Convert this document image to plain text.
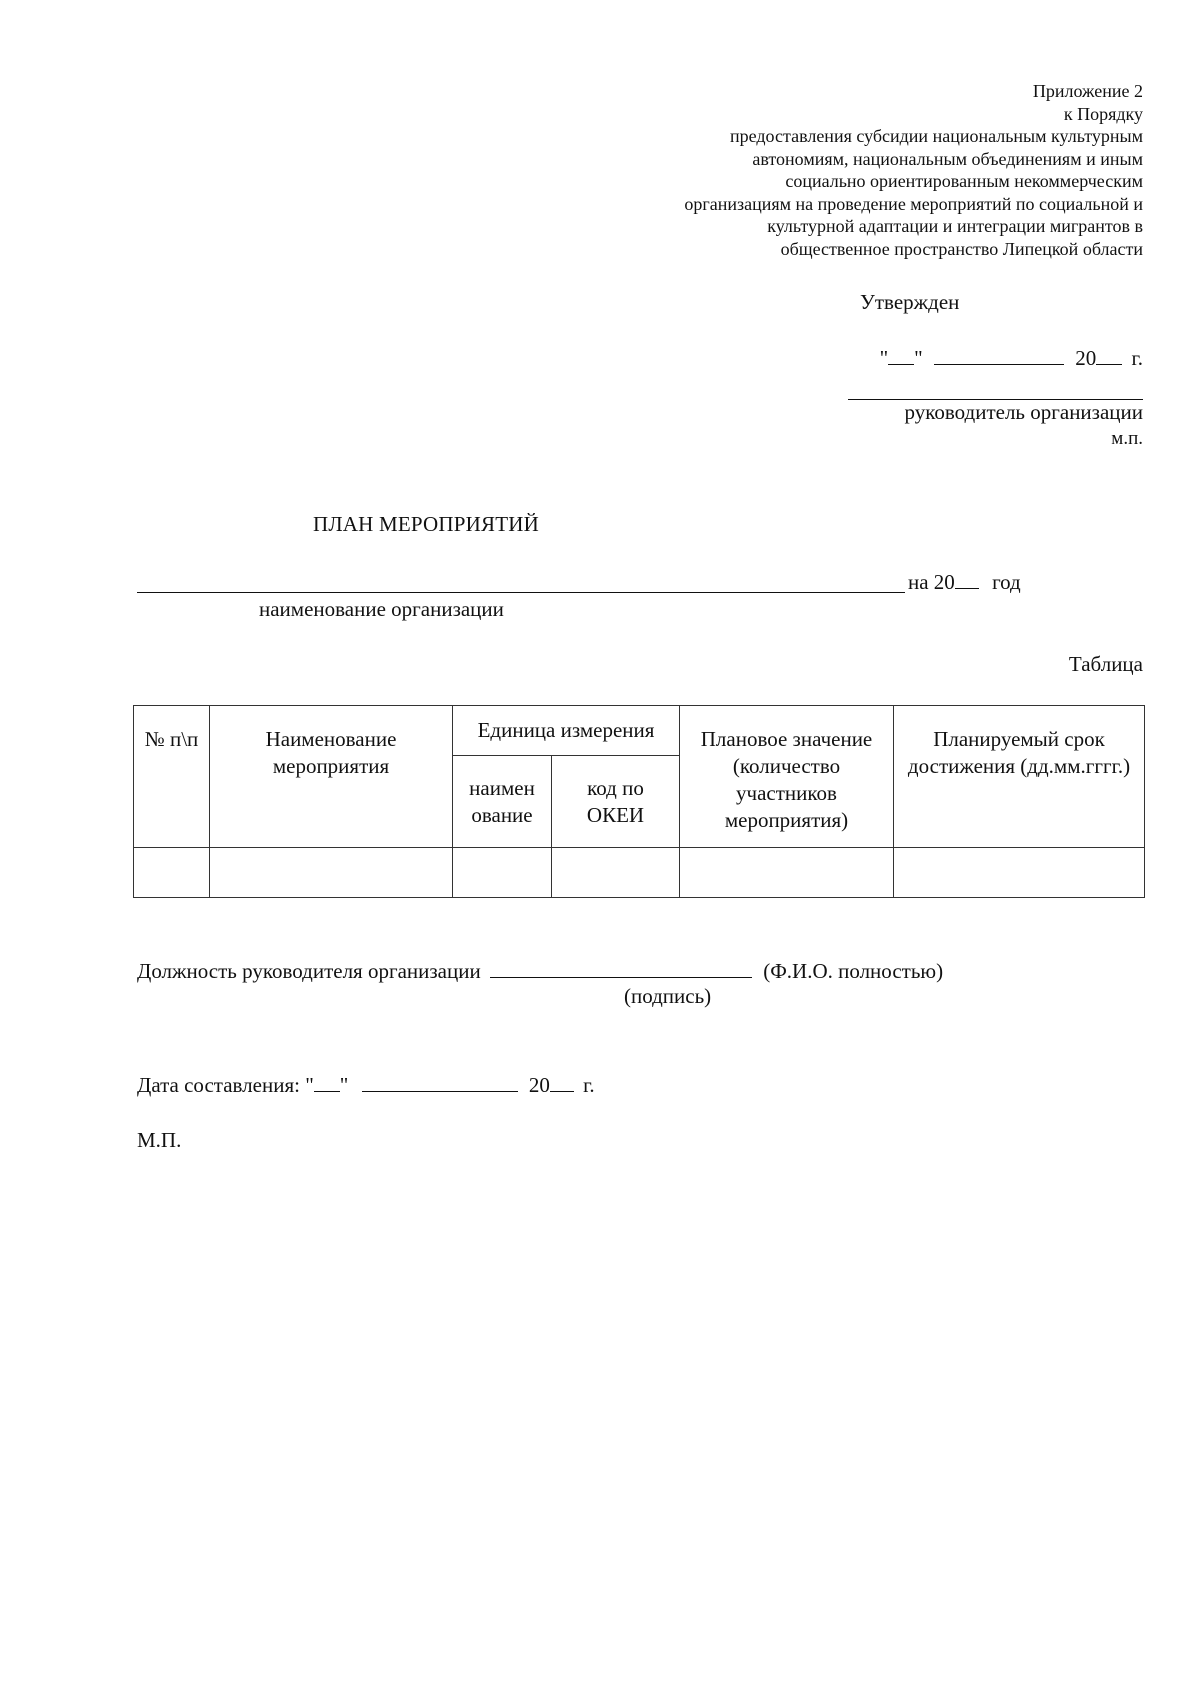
Приложение 2
к Порядку
предоставления субсидии национальным культурным
автономиям, национальным объединениям и иным
социально ориентированным некоммерческим
организациям на проведение мероприятий по социальной и
культурной адаптации и интеграции мигрантов в
общественное пространство Липецкой области
Утвержден
" "	20 г.
руководитель организации
м.п.
ПЛАН МЕРОПРИЯТИЙ
на 20 год
наименование организации
Таблица
№ п\п	Наименование мероприятия	Единица измерения		Плановое значение (количество участников мероприятия)	Планируемый срок достижения (дд.мм.гггг.)
		наимен ование	код по ОКЕИ		

Должность руководителя организации	(Ф.И.О. полностью)
(подпись)
Дата составления: " "	20 г.
М.П.
